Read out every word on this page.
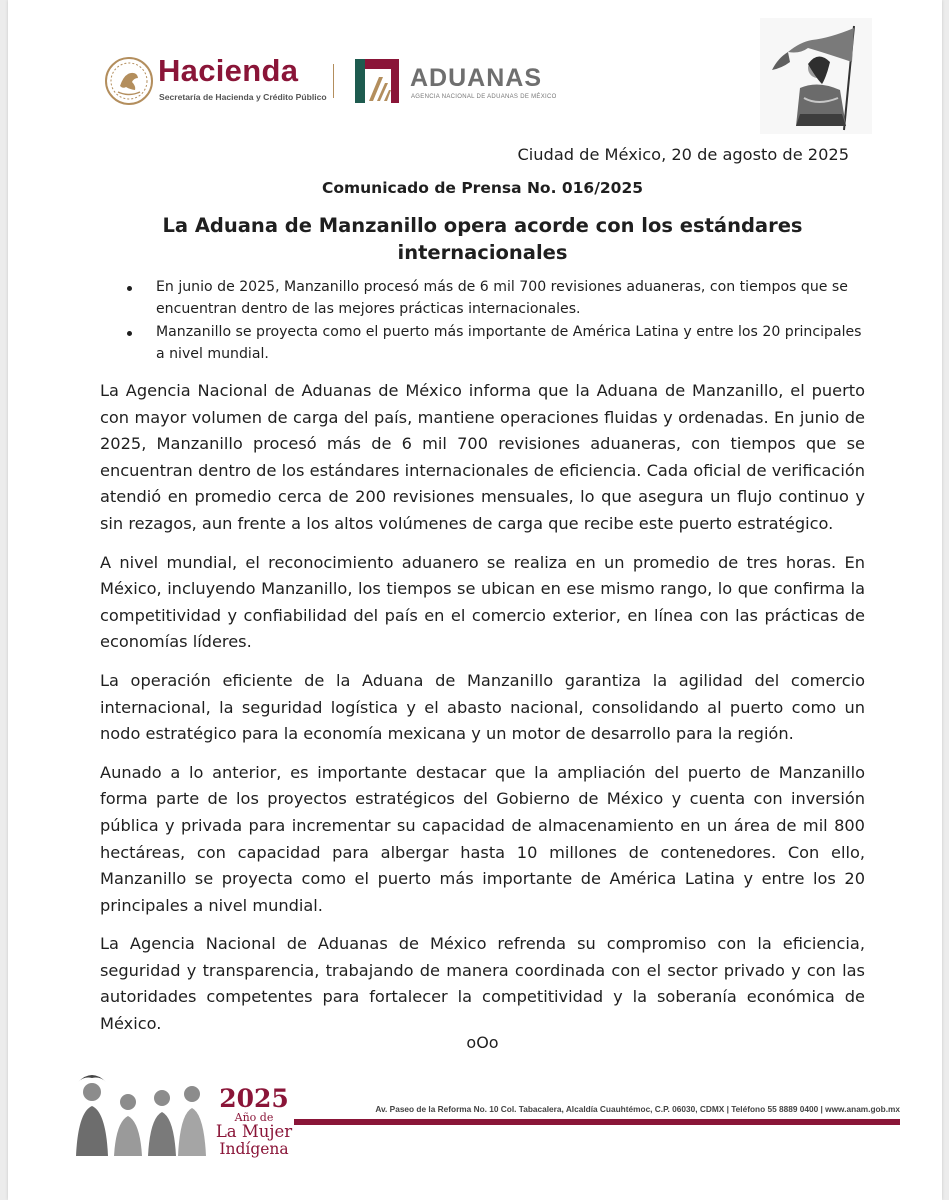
Hacienda
Secretaría de Hacienda y Crédito Público
ADUANAS
AGENCIA NACIONAL DE ADUANAS DE MÉXICO
Ciudad de México, 20 de agosto de 2025
Comunicado de Prensa No. 016/2025
La Aduana de Manzanillo opera acorde con los estándares internacionales
En junio de 2025, Manzanillo procesó más de 6 mil 700 revisiones aduaneras, con tiempos que se encuentran dentro de las mejores prácticas internacionales.
Manzanillo se proyecta como el puerto más importante de América Latina y entre los 20 principales a nivel mundial.

La Agencia Nacional de Aduanas de México informa que la Aduana de Manzanillo, el puerto con mayor volumen de carga del país, mantiene operaciones fluidas y ordenadas. En junio de 2025, Manzanillo procesó más de 6 mil 700 revisiones aduaneras, con tiempos que se encuentran dentro de los estándares internacionales de eficiencia. Cada oficial de verificación atendió en promedio cerca de 200 revisiones mensuales, lo que asegura un flujo continuo y sin rezagos, aun frente a los altos volúmenes de carga que recibe este puerto estratégico.

A nivel mundial, el reconocimiento aduanero se realiza en un promedio de tres horas. En México, incluyendo Manzanillo, los tiempos se ubican en ese mismo rango, lo que confirma la competitividad y confiabilidad del país en el comercio exterior, en línea con las prácticas de economías líderes.

La operación eficiente de la Aduana de Manzanillo garantiza la agilidad del comercio internacional, la seguridad logística y el abasto nacional, consolidando al puerto como un nodo estratégico para la economía mexicana y un motor de desarrollo para la región.

Aunado a lo anterior, es importante destacar que la ampliación del puerto de Manzanillo forma parte de los proyectos estratégicos del Gobierno de México y cuenta con inversión pública y privada para incrementar su capacidad de almacenamiento en un área de mil 800 hectáreas, con capacidad para albergar hasta 10 millones de contenedores. Con ello, Manzanillo se proyecta como el puerto más importante de América Latina y entre los 20 principales a nivel mundial.

La Agencia Nacional de Aduanas de México refrenda su compromiso con la eficiencia, seguridad y transparencia, trabajando de manera coordinada con el sector privado y con las autoridades competentes para fortalecer la competitividad y la soberanía económica de México.

oOo
2025
Año de
La Mujer
Indígena
Av. Paseo de la Reforma No. 10 Col. Tabacalera, Alcaldía Cuauhtémoc, C.P. 06030, CDMX | Teléfono 55 8889 0400 | www.anam.gob.mx
